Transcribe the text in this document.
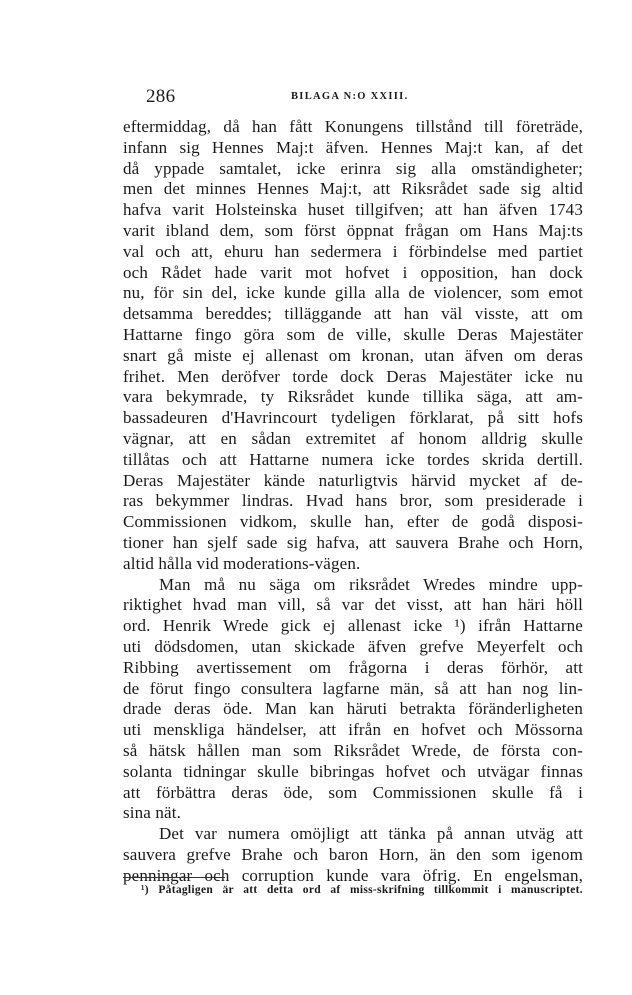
286	BILAGA N:O XXIII.
eftermiddag, då han fått Konungens tillstånd till företräde,
infann sig Hennes Maj:t äfven. Hennes Maj:t kan, af det
då yppade samtalet, icke erinra sig alla omständigheter;
men det minnes Hennes Maj:t, att Riksrådet sade sig altid
hafva varit Holsteinska huset tillgifven; att han äfven 1743
varit ibland dem, som först öppnat frågan om Hans Maj:ts
val och att, ehuru han sedermera i förbindelse med partiet
och Rådet hade varit mot hofvet i opposition, han dock
nu, för sin del, icke kunde gilla alla de violencer, som emot
detsamma bereddes; tilläggande att han väl visste, att om
Hattarne fingo göra som de ville, skulle Deras Majestäter
snart gå miste ej allenast om kronan, utan äfven om deras
frihet. Men deröfver torde dock Deras Majestäter icke nu
vara bekymrade, ty Riksrådet kunde tillika säga, att am-
bassadeuren d'Havrincourt tydeligen förklarat, på sitt hofs
vägnar, att en sådan extremitet af honom alldrig skulle
tillåtas och att Hattarne numera icke tordes skrida dertill.
Deras Majestäter kände naturligtvis härvid mycket af de-
ras bekymmer lindras. Hvad hans bror, som presiderade i
Commissionen vidkom, skulle han, efter de godå disposi-
tioner han sjelf sade sig hafva, att sauvera Brahe och Horn,
altid hålla vid moderations-vägen.
Man må nu säga om riksrådet Wredes mindre upp-
riktighet hvad man vill, så var det visst, att han häri höll
ord. Henrik Wrede gick ej allenast icke ¹) ifrån Hattarne
uti dödsdomen, utan skickade äfven grefve Meyerfelt och
Ribbing avertissement om frågorna i deras förhör, att
de förut fingo consultera lagfarne män, så att han nog lin-
drade deras öde. Man kan häruti betrakta föränderligheten
uti menskliga händelser, att ifrån en hofvet och Mössorna
så hätsk hållen man som Riksrådet Wrede, de första con-
solanta tidningar skulle bibringas hofvet och utvägar finnas
att förbättra deras öde, som Commissionen skulle få i
sina nät.
Det var numera omöjligt att tänka på annan utväg att
sauvera grefve Brahe och baron Horn, än den som igenom
penningar och corruption kunde vara öfrig. En engelsman,
¹) Påtagligen är att detta ord af miss-skrifning tillkommit i manuscriptet.
